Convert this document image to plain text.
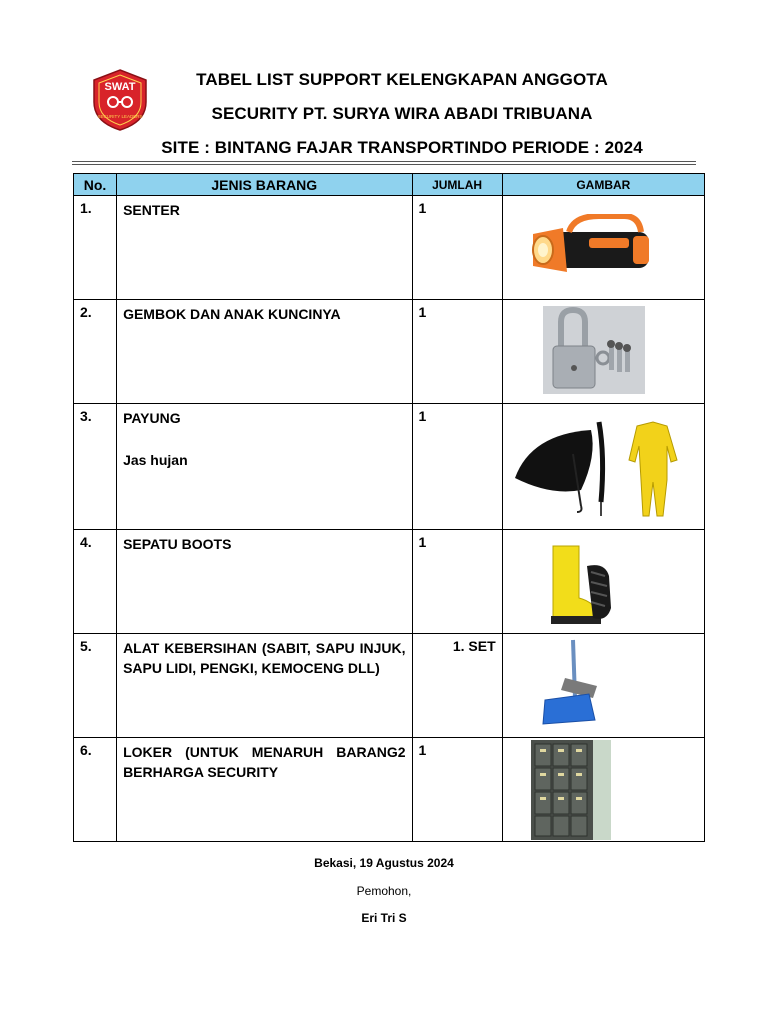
SWAT
SECURITY LEADERS
TABEL LIST SUPPORT KELENGKAPAN ANGGOTA
SECURITY PT. SURYA WIRA ABADI TRIBUANA
SITE : BINTANG FAJAR TRANSPORTINDO PERIODE : 2024
No.	JENIS BARANG	JUMLAH	GAMBAR
1.	SENTER	1	

2.	GEMBOK DAN ANAK KUNCINYA	1	

3.	PAYUNG
Jas hujan	1	

4.	SEPATU BOOTS	1	

5.	ALAT KEBERSIHAN (SABIT, SAPU INJUK, SAPU LIDI, PENGKI, KEMOCENG DLL)	1. SET	

6.	LOKER (UNTUK MENARUH BARANG2 BERHARGA SECURITY	1	
Bekasi, 19 Agustus 2024
Pemohon,
Eri Tri S
